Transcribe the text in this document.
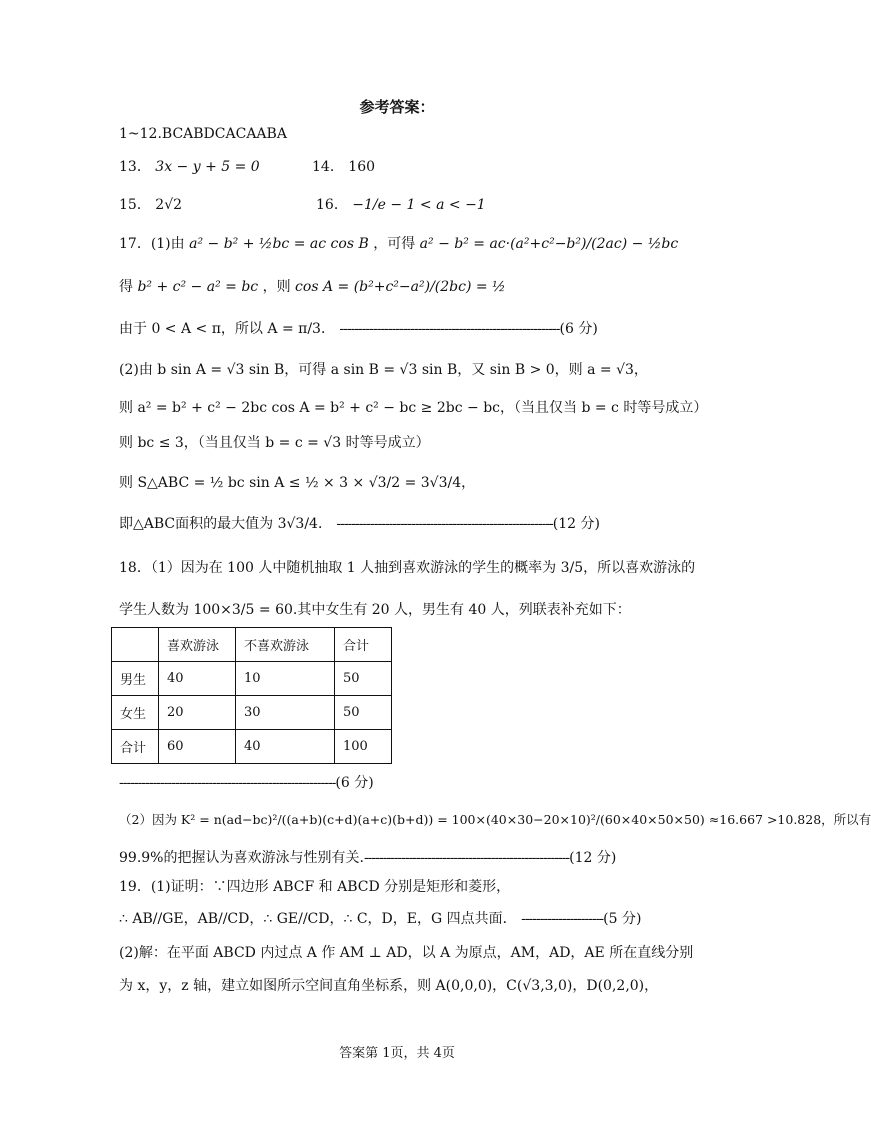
参考答案：
1~12.BCABDCACAABA
13． 3x − y + 5 = 0	14． 160
15． 2√2	16． −1/e − 1 < a < −1
17．(1)由 a² − b² + ½bc = ac cos B ，可得 a² − b² = ac·(a²+c²−b²)/(2ac) − ½bc
得 b² + c² − a² = bc ，则 cos A = (b²+c²−a²)/(2bc) = ½
由于 0 < A < π，所以 A = π/3． -----------------------------------------------------------(6 分)
(2)由 b sin A = √3 sin B，可得 a sin B = √3 sin B，又 sin B > 0，则 a = √3，
则 a² = b² + c² − 2bc cos A = b² + c² − bc ≥ 2bc − bc，（当且仅当 b = c 时等号成立）
则 bc ≤ 3，（当且仅当 b = c = √3 时等号成立）
则 S△ABC = ½ bc sin A ≤ ½ × 3 × √3/2 = 3√3/4，
即△ABC面积的最大值为 3√3/4． ----------------------------------------------------------(12 分)
18．（1）因为在 100 人中随机抽取 1 人抽到喜欢游泳的学生的概率为 3/5，所以喜欢游泳的
学生人数为 100×3/5 = 60.其中女生有 20 人，男生有 40 人，列联表补充如下：
	喜欢游泳	不喜欢游泳	合计
男生	40	10	50
女生	20	30	50
合计	60	40	100
----------------------------------------------------------(6 分)
（2）因为 K² = n(ad−bc)²/((a+b)(c+d)(a+c)(b+d)) = 100×(40×30−20×10)²/(60×40×50×50) ≈16.667 >10.828，所以有
99.9%的把握认为喜欢游泳与性别有关.-------------------------------------------------------(12 分)
19．(1)证明：∵四边形 ABCF 和 ABCD 分别是矩形和菱形，
∴ AB//GE，AB//CD，∴ GE//CD，∴ C，D，E，G 四点共面． ----------------------(5 分)
(2)解：在平面 ABCD 内过点 A 作 AM ⊥ AD，以 A 为原点，AM，AD，AE 所在直线分别
为 x，y，z 轴，建立如图所示空间直角坐标系，则 A(0,0,0)，C(√3,3,0)，D(0,2,0)，
答案第 1页，共 4页
